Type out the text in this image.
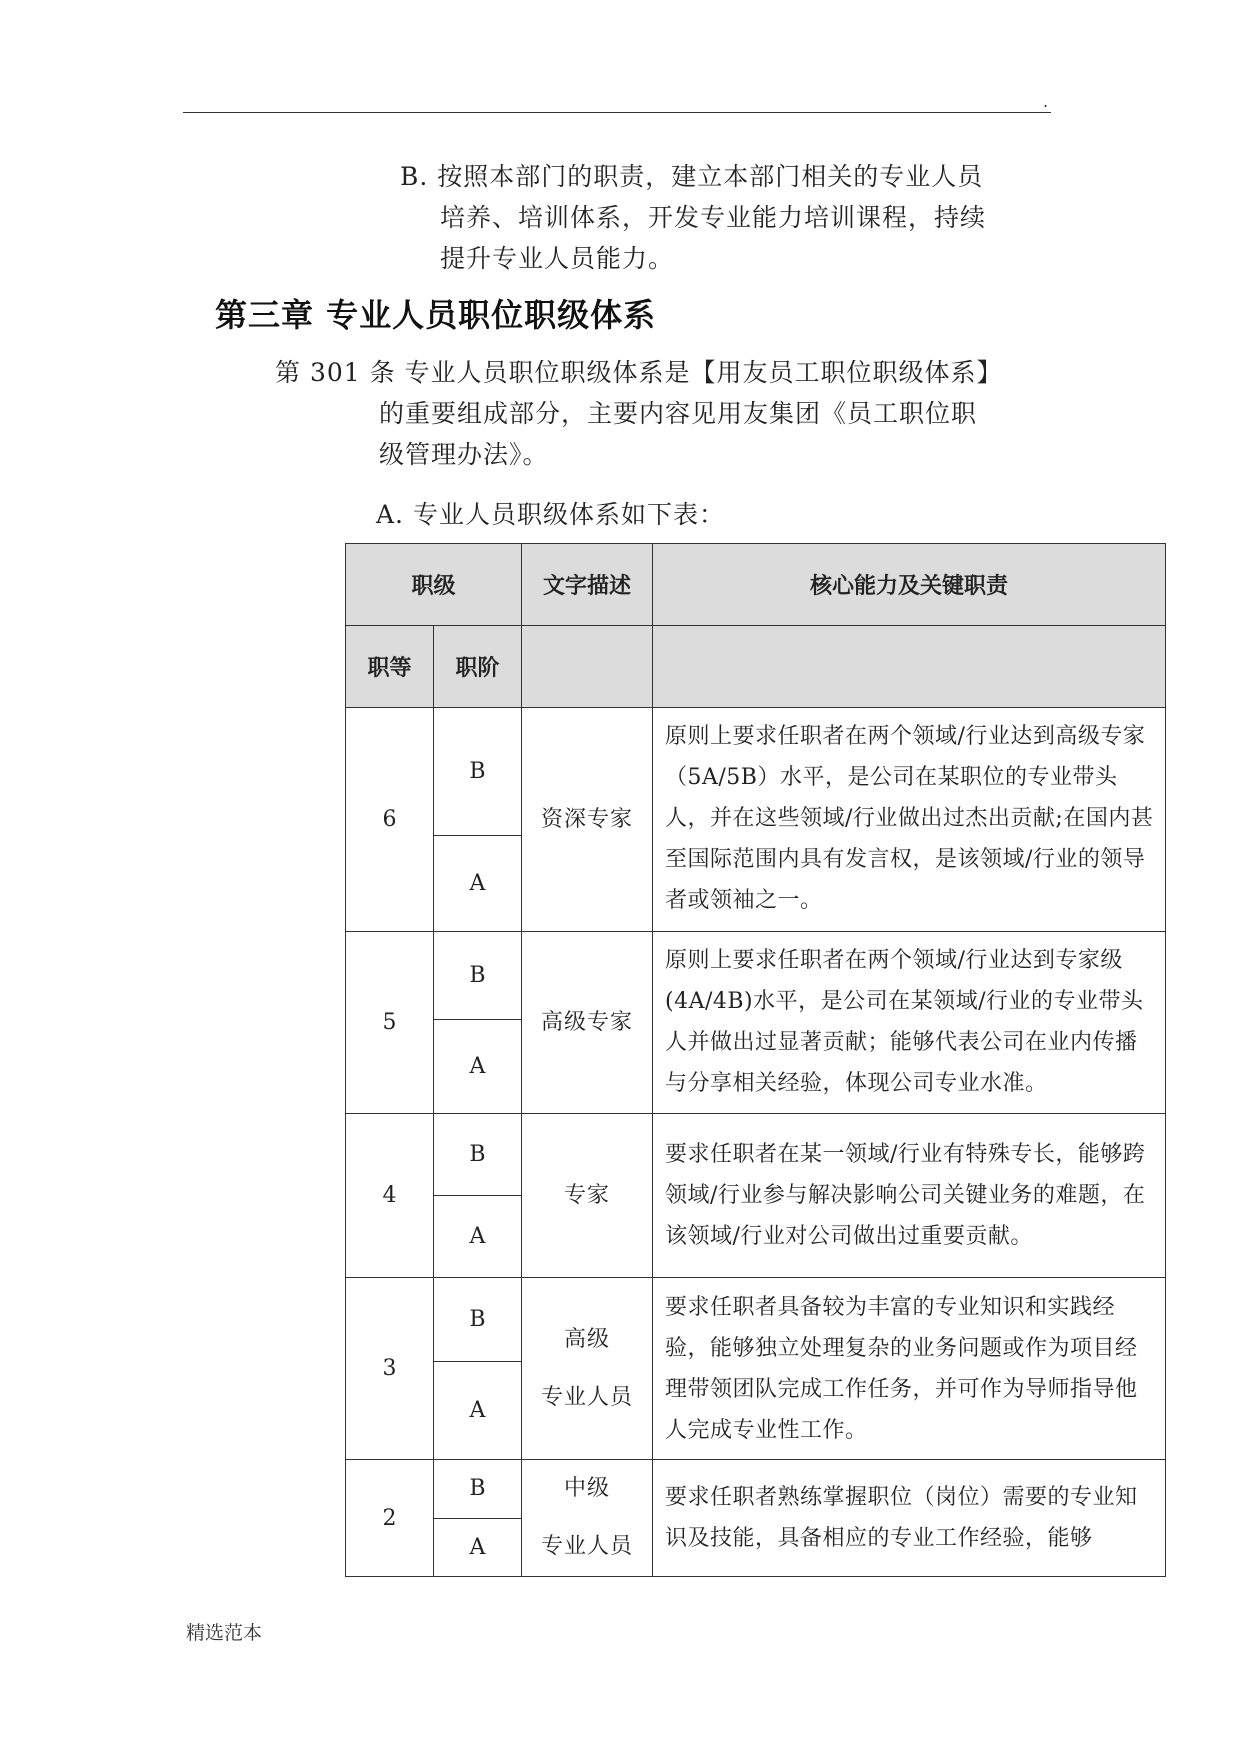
.
B. 按照本部门的职责，建立本部门相关的专业人员
培养、培训体系，开发专业能力培训课程，持续
提升专业人员能力。
第三章 专业人员职位职级体系
第 301 条 专业人员职位职级体系是【用友员工职位职级体系】
的重要组成部分，主要内容见用友集团《员工职位职
级管理办法》。
A. 专业人员职级体系如下表：
职级		文字描述	核心能力及关键职责
职等	职阶		
6	B	资深专家	原则上要求任职者在两个领域/行业达到高级专家（5A/5B）水平，是公司在某职位的专业带头人，并在这些领域/行业做出过杰出贡献;在国内甚至国际范围内具有发言权，是该领域/行业的领导者或领袖之一。
	A		
5	B	高级专家	原则上要求任职者在两个领域/行业达到专家级(4A/4B)水平，是公司在某领域/行业的专业带头人并做出过显著贡献；能够代表公司在业内传播与分享相关经验，体现公司专业水准。
	A		
4	B	专家	要求任职者在某一领域/行业有特殊专长，能够跨领域/行业参与解决影响公司关键业务的难题，在该领域/行业对公司做出过重要贡献。
	A		
3	B	高级
专业人员	要求任职者具备较为丰富的专业知识和实践经验，能够独立处理复杂的业务问题或作为项目经理带领团队完成工作任务，并可作为导师指导他人完成专业性工作。
	A		
2	B	中级
专业人员	要求任职者熟练掌握职位（岗位）需要的专业知识及技能，具备相应的专业工作经验，能够
	A		
精选范本
